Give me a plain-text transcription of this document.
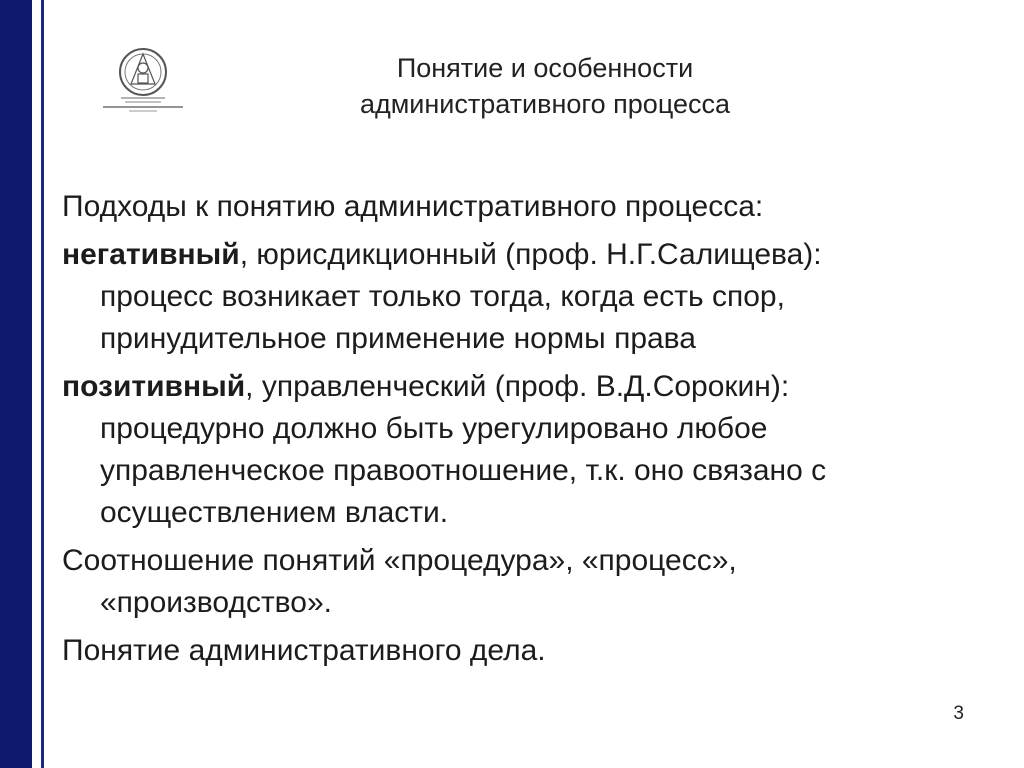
Понятие и особенности
административного процесса
Подходы к понятию административного процесса:
негативный, юрисдикционный (проф. Н.Г.Салищева):
процесс возникает только тогда, когда есть спор,
принудительное применение нормы права
позитивный, управленческий (проф. В.Д.Сорокин):
процедурно должно быть урегулировано любое
управленческое правоотношение, т.к. оно связано с
осуществлением власти.
Соотношение понятий «процедура», «процесс»,
«производство».
Понятие административного дела.
3
